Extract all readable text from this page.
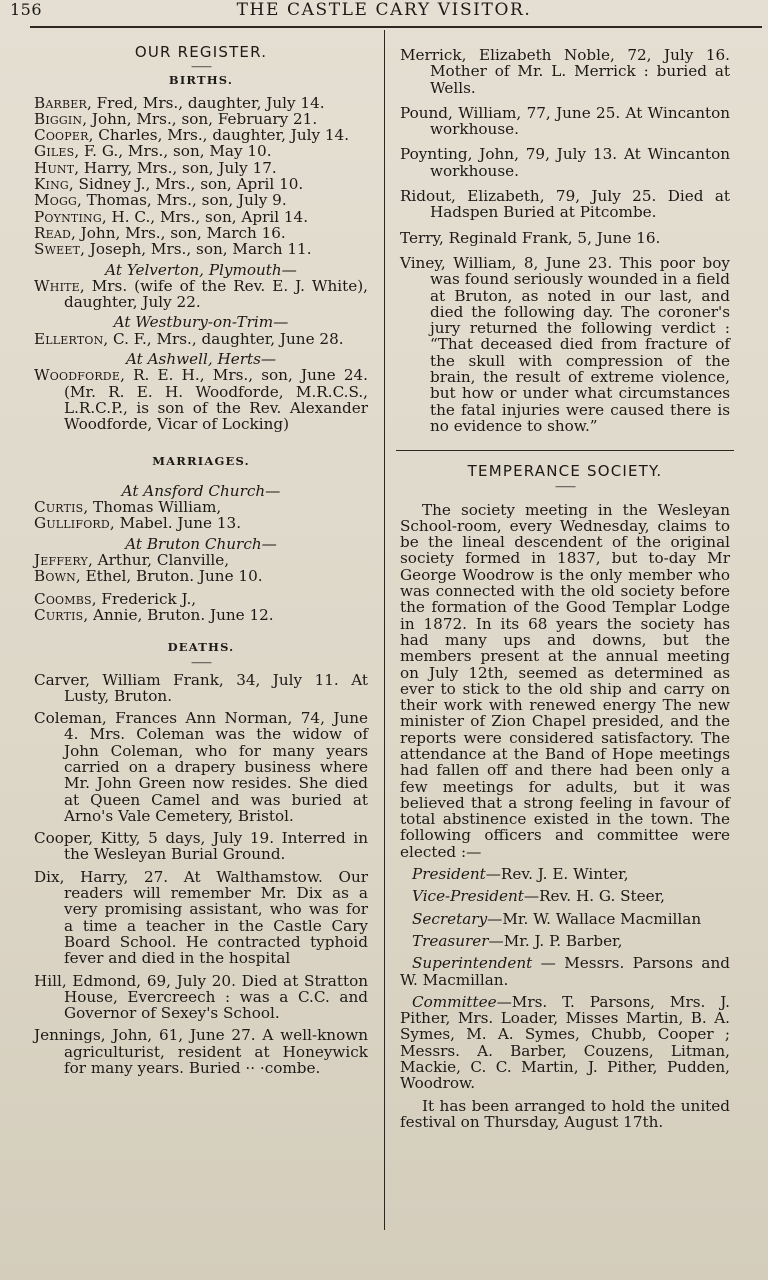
156	THE CASTLE CARY VISITOR.
OUR REGISTER.
——
BIRTHS.
Barber, Fred, Mrs., daughter, July 14.
Biggin, John, Mrs., son, February 21.
Cooper, Charles, Mrs., daughter, July 14.
Giles, F. G., Mrs., son, May 10.
Hunt, Harry, Mrs., son, July 17.
King, Sidney J., Mrs., son, April 10.
Mogg, Thomas, Mrs., son, July 9.
Poynting, H. C., Mrs., son, April 14.
Read, John, Mrs., son, March 16.
Sweet, Joseph, Mrs., son, March 11.
At Yelverton, Plymouth—
White, Mrs. (wife of the Rev. E. J. White), daughter, July 22.
At Westbury-on-Trim—
Ellerton, C. F., Mrs., daughter, June 28.
At Ashwell, Herts—
Woodforde, R. E. H., Mrs., son, June 24. (Mr. R. E. H. Woodforde, M.R.C.S., L.R.C.P., is son of the Rev. Alexander Woodforde, Vicar of Locking)
MARRIAGES.
At Ansford Church—
Curtis, Thomas William,
Gulliford, Mabel. June 13.
At Bruton Church—
Jeffery, Arthur, Clanville,
Bown, Ethel, Bruton. June 10.
Coombs, Frederick J.,
Curtis, Annie, Bruton. June 12.
DEATHS.
——
Carver, William Frank, 34, July 11. At Lusty, Bruton.
Coleman, Frances Ann Norman, 74, June 4. Mrs. Coleman was the widow of John Coleman, who for many years carried on a drapery business where Mr. John Green now resides. She died at Queen Camel and was buried at Arno's Vale Cemetery, Bristol.
Cooper, Kitty, 5 days, July 19. Interred in the Wesleyan Burial Ground.
Dix, Harry, 27. At Walthamstow. Our readers will remember Mr. Dix as a very promising assistant, who was for a time a teacher in the Castle Cary Board School. He contracted typhoid fever and died in the hospital
Hill, Edmond, 69, July 20. Died at Stratton House, Evercreech : was a C.C. and Governor of Sexey's School.
Jennings, John, 61, June 27. A well-known agriculturist, resident at Honeywick for many years. Buried ·· ·combe.
Merrick, Elizabeth Noble, 72, July 16. Mother of Mr. L. Merrick : buried at Wells.
Pound, William, 77, June 25. At Wincanton workhouse.
Poynting, John, 79, July 13. At Wincanton workhouse.
Ridout, Elizabeth, 79, July 25. Died at Hadspen Buried at Pitcombe.
Terry, Reginald Frank, 5, June 16.
Viney, William, 8, June 23. This poor boy was found seriously wounded in a field at Bruton, as noted in our last, and died the following day. The coroner's jury returned the following verdict : “That deceased died from fracture of the skull with compression of the brain, the result of extreme violence, but how or under what circumstances the fatal injuries were caused there is no evidence to show.”
TEMPERANCE SOCIETY.
——

The society meeting in the Wesleyan School-room, every Wednesday, claims to be the lineal descendent of the original society formed in 1837, but to-day Mr George Woodrow is the only member who was connected with the old society before the formation of the Good Templar Lodge in 1872. In its 68 years the society has had many ups and downs, but the members present at the annual meeting on July 12th, seemed as determined as ever to stick to the old ship and carry on their work with renewed energy The new minister of Zion Chapel presided, and the reports were considered satisfactory. The attendance at the Band of Hope meetings had fallen off and there had been only a few meetings for adults, but it was believed that a strong feeling in favour of total abstinence existed in the town. The following officers and committee were elected :—

President—Rev. J. E. Winter,

Vice-President—Rev. H. G. Steer,

Secretary—Mr. W. Wallace Macmillan

Treasurer—Mr. J. P. Barber,

Superintendent — Messrs. Parsons and W. Macmillan.

Committee—Mrs. T. Parsons, Mrs. J. Pither, Mrs. Loader, Misses Martin, B. A. Symes, M. A. Symes, Chubb, Cooper ; Messrs. A. Barber, Couzens, Litman, Mackie, C. C. Martin, J. Pither, Pudden, Woodrow.

It has been arranged to hold the united festival on Thursday, August 17th.
